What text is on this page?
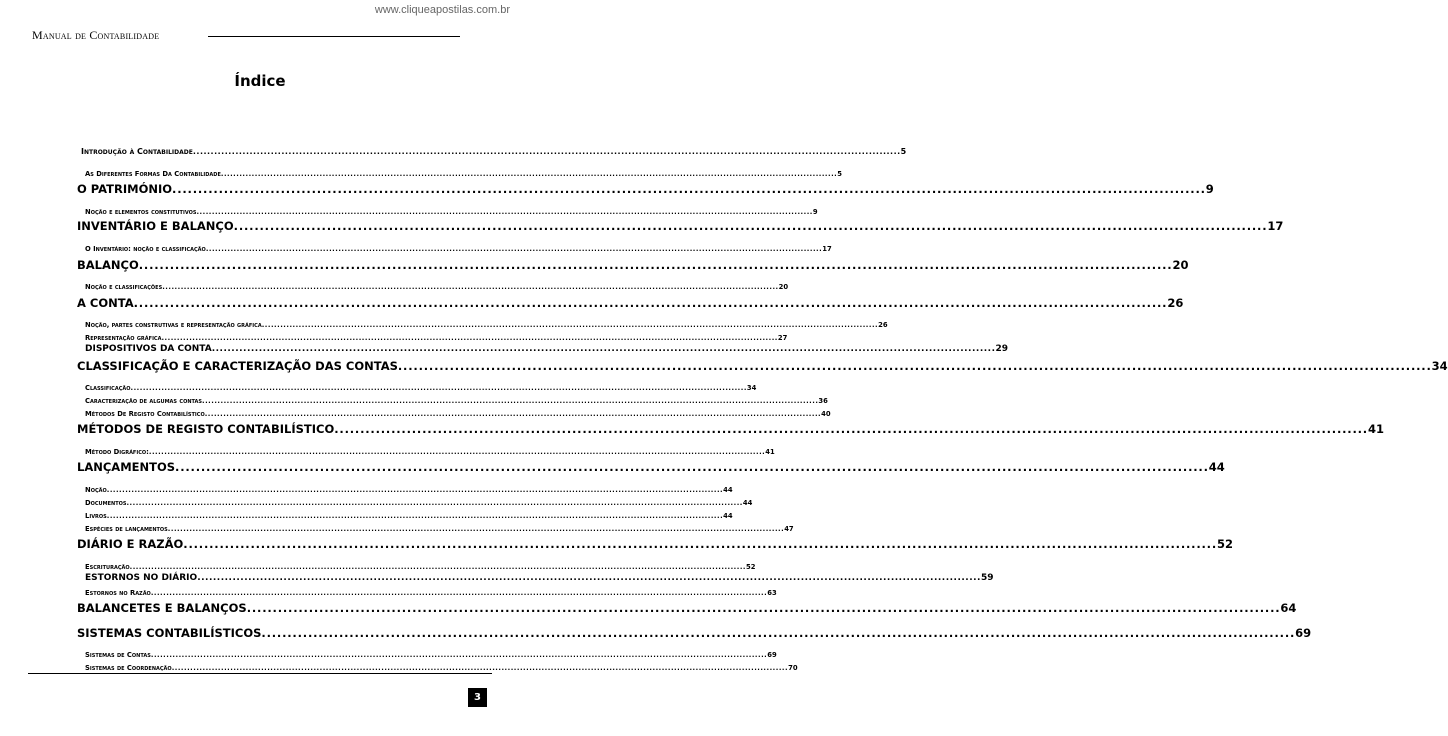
www.cliqueapostilas.com.br
Manual de Contabilidade
Índice
Introdução à Contabilidade ........................................................................................................................................................................................................ 5
As Diferentes Formas Da Contabilidade ........................................................................................................................................................................................................ 5
O PATRIMÓNIO ........................................................................................................................................................................................................ 9
Noção e elementos constitutivos ........................................................................................................................................................................................................ 9
INVENTÁRIO E BALANÇO ........................................................................................................................................................................................................ 17
O Inventário: noção e classificação ........................................................................................................................................................................................................ 17
BALANÇO ........................................................................................................................................................................................................ 20
Noção e classificações ........................................................................................................................................................................................................ 20
A CONTA ........................................................................................................................................................................................................ 26
Noção, partes construtivas e representação gráfica ........................................................................................................................................................................................................ 26
Representação gráfica ........................................................................................................................................................................................................ 27
DISPOSITIVOS DA CONTA ........................................................................................................................................................................................................ 29
CLASSIFICAÇÃO E CARACTERIZAÇÃO DAS CONTAS ........................................................................................................................................................................................................ 34
Classificação ........................................................................................................................................................................................................ 34
Caracterização de algumas contas ........................................................................................................................................................................................................ 36
Métodos De Registo Contabilístico ........................................................................................................................................................................................................ 40
MÉTODOS DE REGISTO CONTABILÍSTICO ........................................................................................................................................................................................................ 41
Método Digráfico: ........................................................................................................................................................................................................ 41
LANÇAMENTOS ........................................................................................................................................................................................................ 44
Noção ........................................................................................................................................................................................................ 44
Documentos ........................................................................................................................................................................................................ 44
Livros ........................................................................................................................................................................................................ 44
Espécies de lançamentos ........................................................................................................................................................................................................ 47
DIÁRIO E RAZÃO ........................................................................................................................................................................................................ 52
Escrituração ........................................................................................................................................................................................................ 52
ESTORNOS NO DIÁRIO ........................................................................................................................................................................................................ 59
Estornos no Razão ........................................................................................................................................................................................................ 63
BALANCETES E BALANÇOS ........................................................................................................................................................................................................ 64
SISTEMAS CONTABILÍSTICOS ........................................................................................................................................................................................................ 69
Sistemas de Contas ........................................................................................................................................................................................................ 69
Sistemas de Coordenação ........................................................................................................................................................................................................ 70
3
